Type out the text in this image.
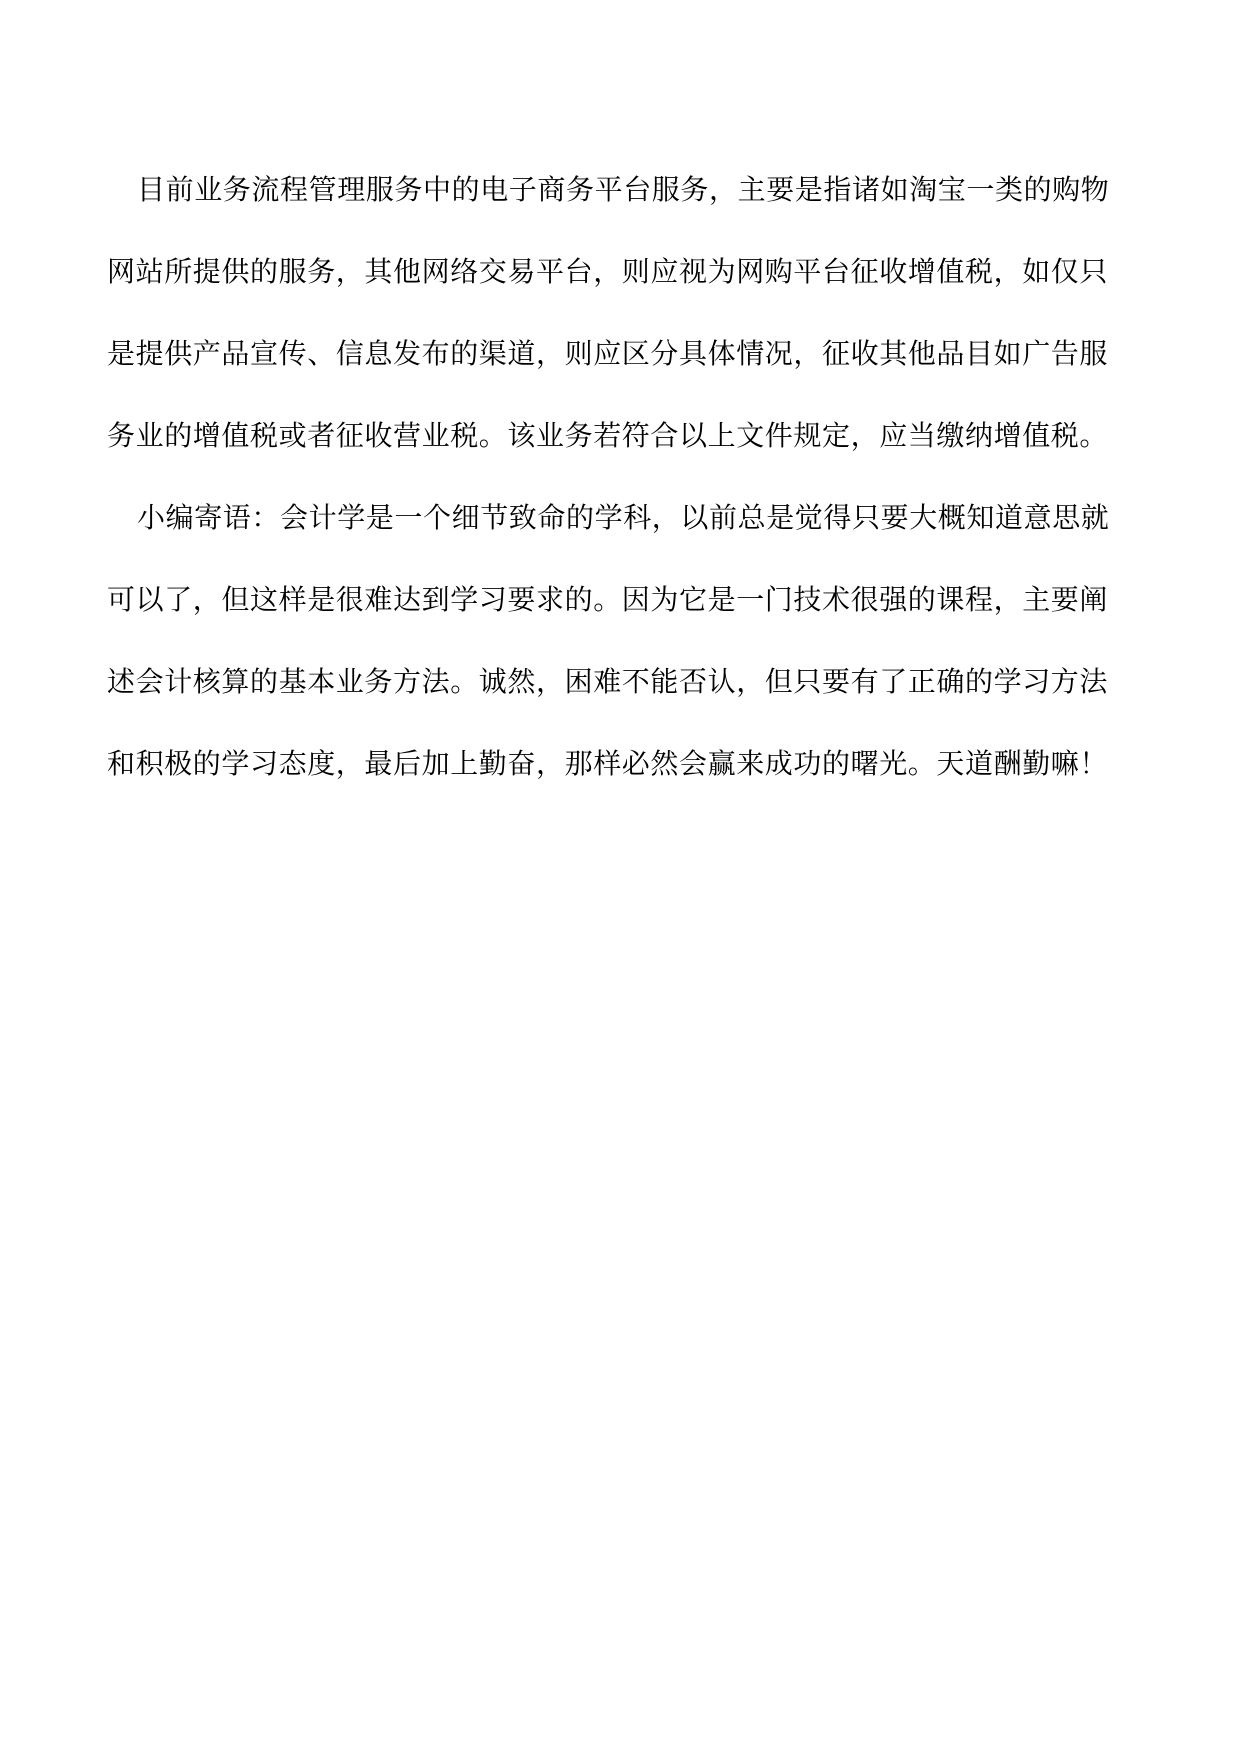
目前业务流程管理服务中的电子商务平台服务，主要是指诸如淘宝一类的购物
网站所提供的服务，其他网络交易平台，则应视为网购平台征收增值税，如仅只
是提供产品宣传、信息发布的渠道，则应区分具体情况，征收其他品目如广告服
务业的增值税或者征收营业税。该业务若符合以上文件规定，应当缴纳增值税。
小编寄语：会计学是一个细节致命的学科，以前总是觉得只要大概知道意思就
可以了，但这样是很难达到学习要求的。因为它是一门技术很强的课程，主要阐
述会计核算的基本业务方法。诚然，困难不能否认，但只要有了正确的学习方法
和积极的学习态度，最后加上勤奋，那样必然会赢来成功的曙光。天道酬勤嘛！
